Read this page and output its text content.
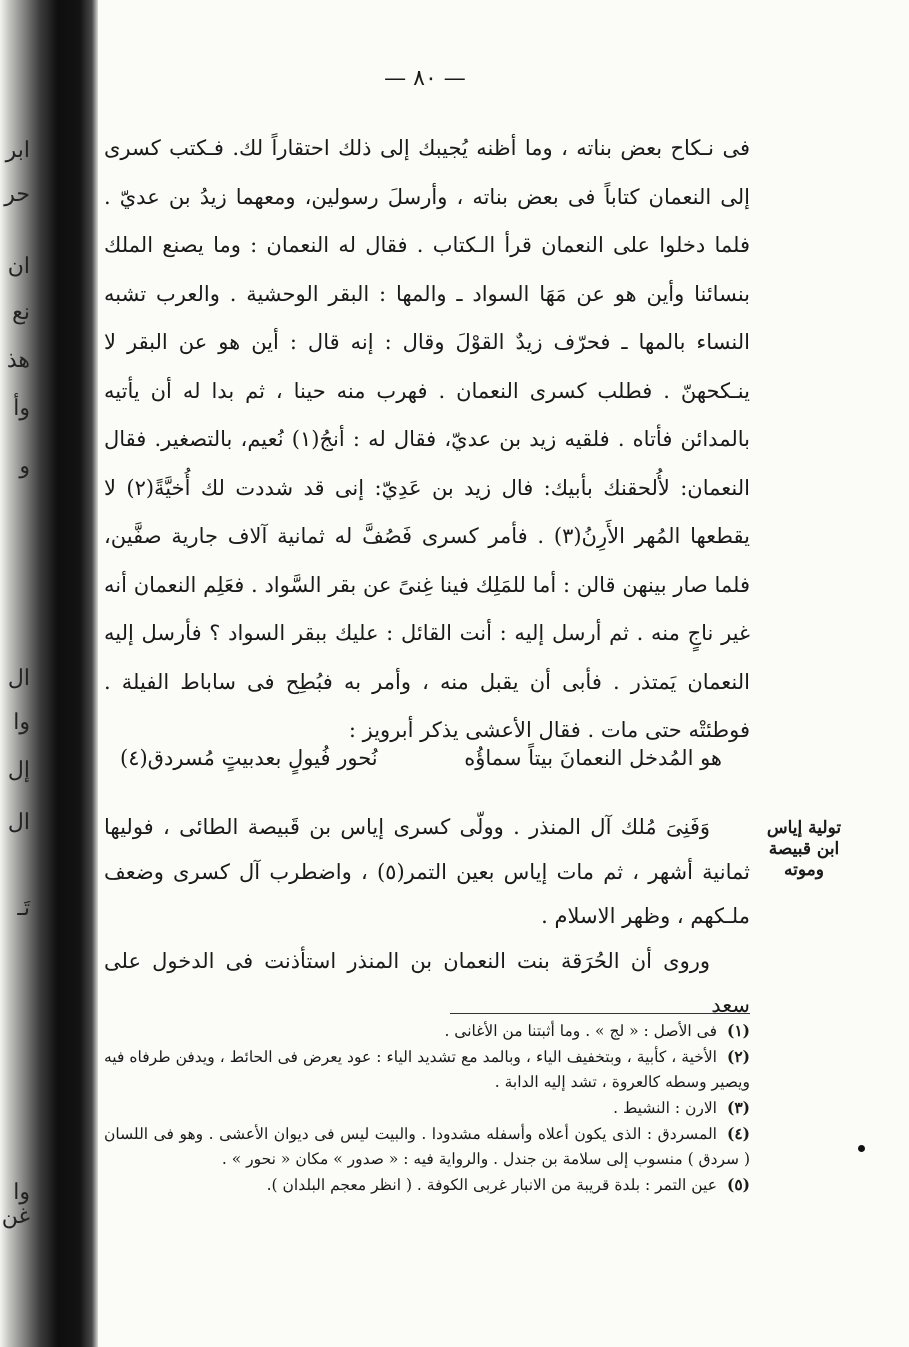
ابر
حر
ان
نع
هذ
وأ
و
ال
وا
إل
ال
تَـ
وا
غن
— ٨٠ —

فى نـكاح بعض بناته ، وما أظنه يُجيبك إلى ذلك احتقاراً لك. فـكتب كسرى إلى النعمان كتاباً فى بعض بناته ، وأرسلَ رسولين، ومعهما زيدُ بن عديّ . فلما دخلوا على النعمان قرأ الـكتاب . فقال له النعمان : وما يصنع الملك بنسائنا وأين هو عن مَهَا السواد ـ والمها : البقر الوحشية . والعرب تشبه النساء بالمها ـ فحرّف زيدٌ القوْلَ وقال : إنه قال : أين هو عن البقر لا ينـكحهنّ . فطلب كسرى النعمان . فهرب منه حينا ، ثم بدا له أن يأتيه بالمدائن فأتاه . فلقيه زيد بن عديّ، فقال له : أنجُ(١) نُعيم، بالتصغير. فقال النعمان: لأُلحقنك بأبيك: فال زيد بن عَدِيّ: إنى قد شددت لك أُخيَّةً(٢) لا يقطعها المُهر الأَرِنُ(٣) . فأمر كسرى فَصُفَّ له ثمانية آلاف جارية صفَّين، فلما صار بينهن قالن : أما للمَلِك فينا غِنىً عن بقر السَّواد . فعَلِم النعمان أنه غير ناجٍ منه . ثم أرسل إليه : أنت القائل : عليك ببقر السواد ؟ فأرسل إليه النعمان يَمتذر . فأبى أن يقبل منه ، وأمر به فبُطِح فى ساباط الفيلة . فوطئتْه حتى مات . فقال الأعشى يذكر أبرويز :

هو المُدخل النعمانَ بيتاً سماؤُه
نُحور فُيولٍ بعدبيتٍ مُسردق(٤)

وَفَنِىَ مُلك آل المنذر . وولّى كسرى إياس بن قَبيصة الطائى ، فوليها ثمانية أشهر ، ثم مات إياس بعين التمر(٥) ، واضطرب آل كسرى وضعف ملـكهم ، وظهر الاسلام .

وروى أن الحُرَقة بنت النعمان بن المنذر استأذنت فى الدخول على سعد

تولية إياس ابن قبيصة وموته
(١)فى الأصل : « لج » . وما أثبتنا من الأغانى .
(٢)الأخية ، كأبية ، وبتخفيف الياء ، وبالمد مع تشديد الياء : عود يعرض فى الحائط ، ويدفن طرفاه فيه ويصير وسطه كالعروة ، تشد إليه الدابة .
(٣)الارن : النشيط .
(٤)المسردق : الذى يكون أعلاه وأسفله مشدودا . والبيت ليس فى ديوان الأعشى . وهو فى اللسان ( سردق ) منسوب إلى سلامة بن جندل . والرواية فيه : « صدور » مكان « نحور » .
(٥)عين التمر : بلدة قريبة من الانبار غربى الكوفة . ( انظر معجم البلدان ).
